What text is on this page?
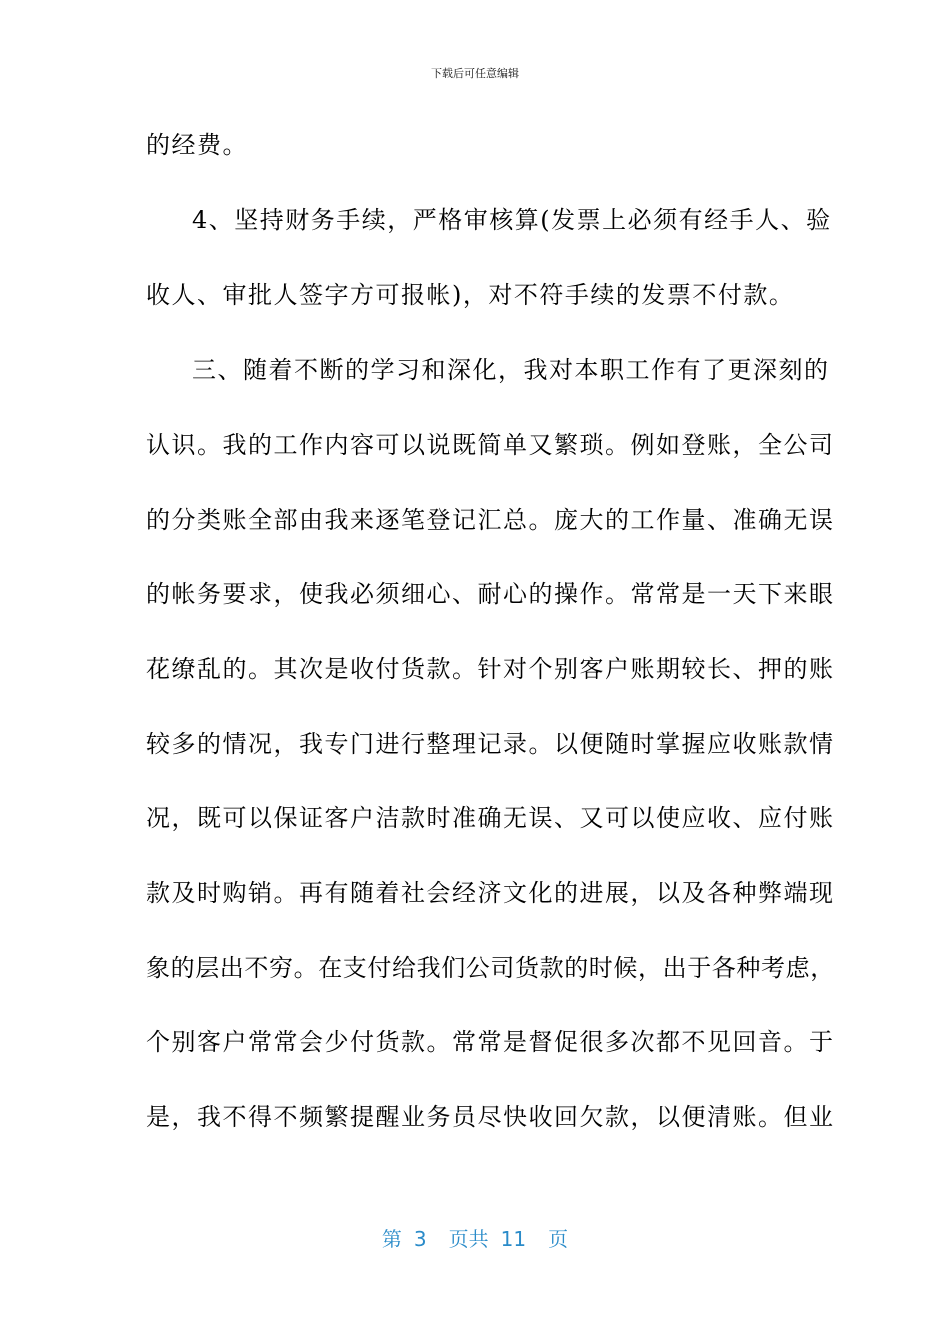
下载后可任意编辑
的经费。
4、坚持财务手续，严格审核算(发票上必须有经手人、验
收人、审批人签字方可报帐)，对不符手续的发票不付款。
三、随着不断的学习和深化，我对本职工作有了更深刻的
认识。我的工作内容可以说既简单又繁琐。例如登账，全公司
的分类账全部由我来逐笔登记汇总。庞大的工作量、准确无误
的帐务要求，使我必须细心、耐心的操作。常常是一天下来眼
花缭乱的。其次是收付货款。针对个别客户账期较长、押的账
较多的情况，我专门进行整理记录。以便随时掌握应收账款情
况，既可以保证客户洁款时准确无误、又可以使应收、应付账
款及时购销。再有随着社会经济文化的进展，以及各种弊端现
象的层出不穷。在支付给我们公司货款的时候，出于各种考虑，
个别客户常常会少付货款。常常是督促很多次都不见回音。于
是，我不得不频繁提醒业务员尽快收回欠款，以便清账。但业
第 3 页共 11 页
